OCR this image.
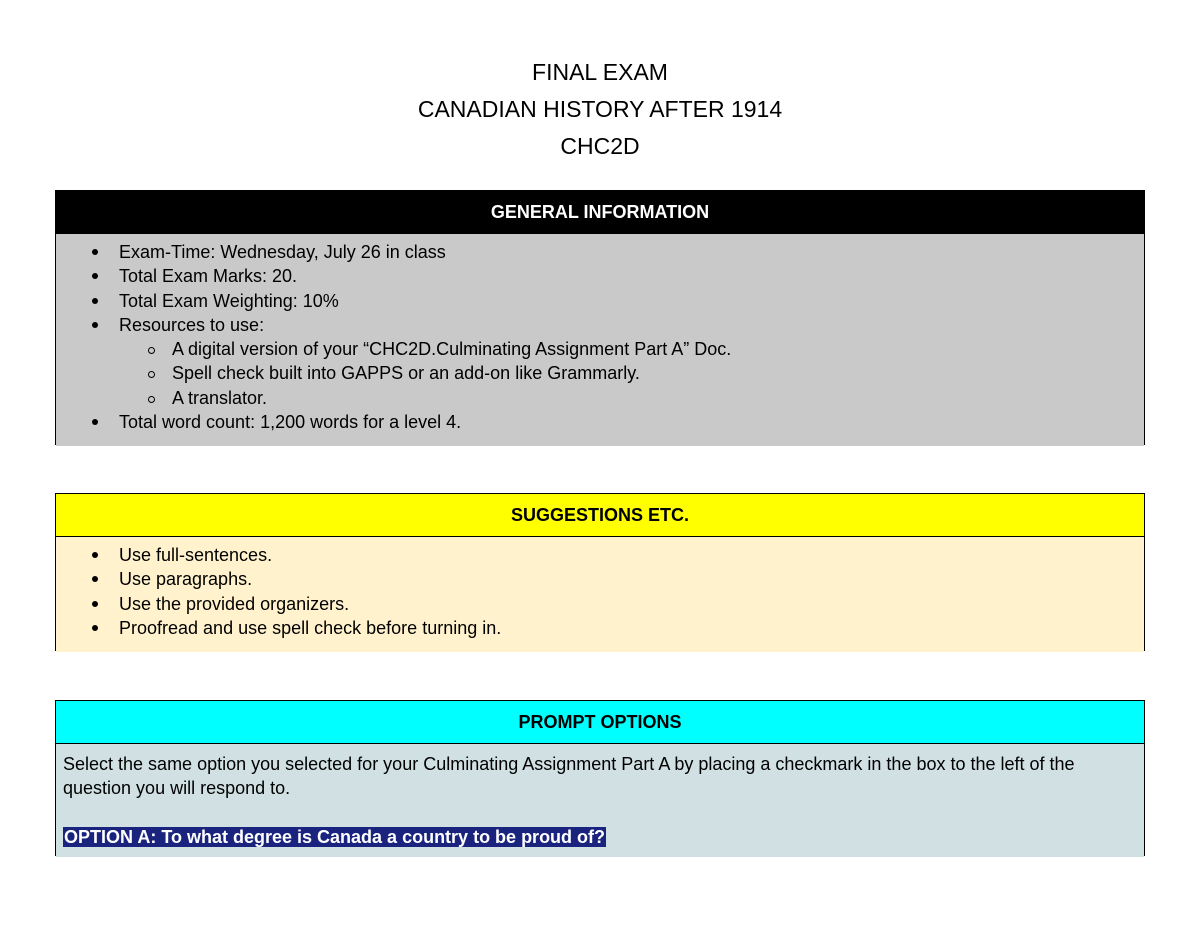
FINAL EXAM
CANADIAN HISTORY AFTER 1914
CHC2D
GENERAL INFORMATION
Exam-Time: Wednesday, July 26 in class
Total Exam Marks: 20.
Total Exam Weighting: 10%
Resources to use:
A digital version of your “CHC2D.Culminating Assignment Part A” Doc.
Spell check built into GAPPS or an add-on like Grammarly.
A translator.
Total word count: 1,200 words for a level 4.
SUGGESTIONS ETC.
Use full-sentences.
Use paragraphs.
Use the provided organizers.
Proofread and use spell check before turning in.
PROMPT OPTIONS

Select the same option you selected for your Culminating Assignment Part A by placing a checkmark in the box to the left of the question you will respond to.

OPTION A: To what degree is Canada a country to be proud of?
